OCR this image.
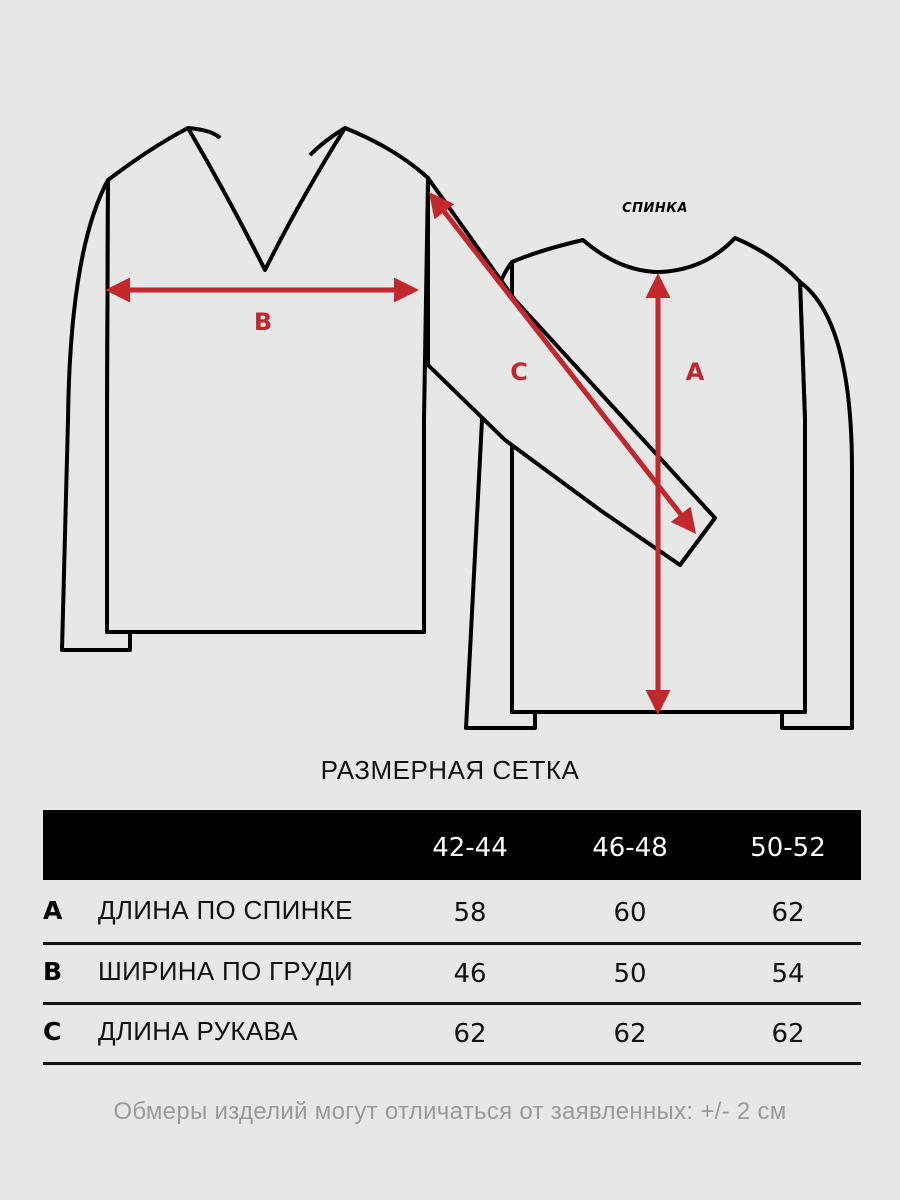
B
C	A
СПИНКА
РАЗМЕРНАЯ СЕТКА
42-44	46-48	50-52
A ДЛИНА ПО СПИНКЕ	58	60	62
B ШИРИНА ПО ГРУДИ	46	50	54
C ДЛИНА РУКАВА	62	62	62
Обмеры изделий могут отличаться от заявленных: +/- 2 см
